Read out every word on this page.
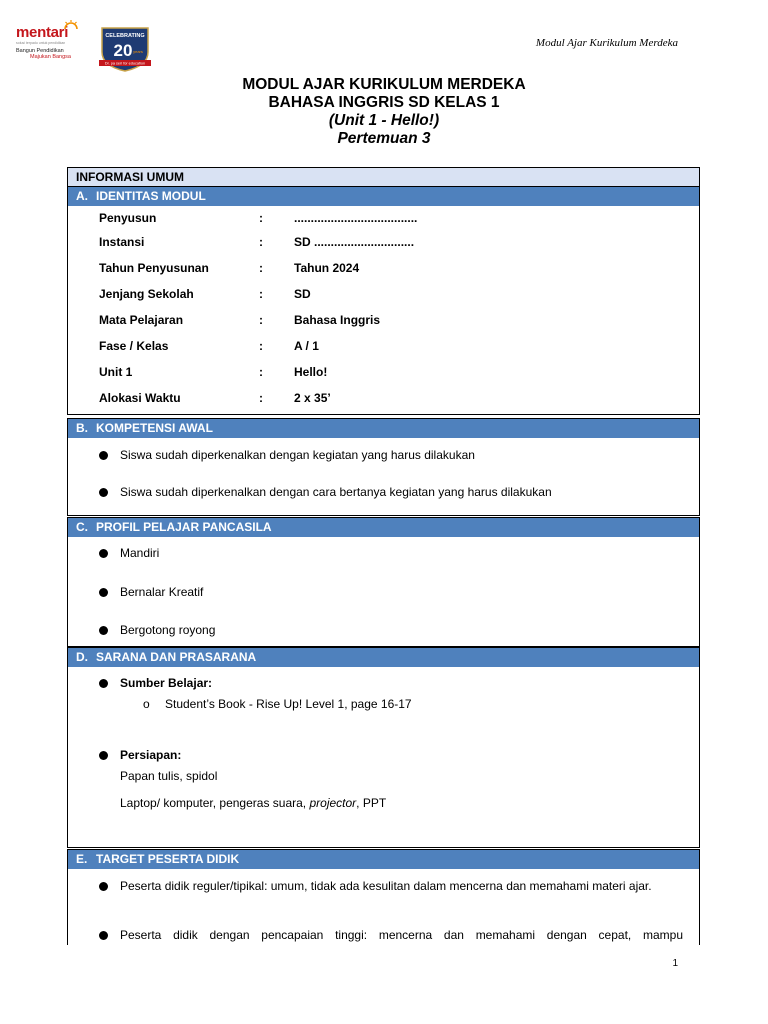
mentari
solusi terpadu untuk pendidikan
Bangun Pendidikan
Majukan Bangsa
CELEBRATING
20 years
Dr. pa seri for education
Modul Ajar Kurikulum Merdeka
MODUL AJAR KURIKULUM MERDEKA
BAHASA INGGRIS SD KELAS 1
(Unit 1 - Hello!)
Pertemuan 3
INFORMASI UMUM
A. IDENTITAS MODUL
Penyusun	:	.....................................
Instansi	:	SD ..............................
Tahun Penyusunan	:	Tahun 2024
Jenjang Sekolah	:	SD
Mata Pelajaran	:	Bahasa Inggris
Fase / Kelas	:	A / 1
Unit 1	:	Hello!
Alokasi Waktu	:	2 x 35’
B. KOMPETENSI AWAL
Siswa sudah diperkenalkan dengan kegiatan yang harus dilakukan
Siswa sudah diperkenalkan dengan cara bertanya kegiatan yang harus dilakukan
C. PROFIL PELAJAR PANCASILA
Mandiri
Bernalar Kreatif
Bergotong royong
D. SARANA DAN PRASARANA
Sumber Belajar:
o Student’s Book - Rise Up! Level 1, page 16-17
Persiapan:
Papan tulis, spidol
Laptop/ komputer, pengeras suara, projector, PPT
E. TARGET PESERTA DIDIK
Peserta didik reguler/tipikal: umum, tidak ada kesulitan dalam mencerna dan memahami materi ajar.
Peserta didik dengan pencapaian tinggi: mencerna dan memahami dengan cepat, mampu
1
